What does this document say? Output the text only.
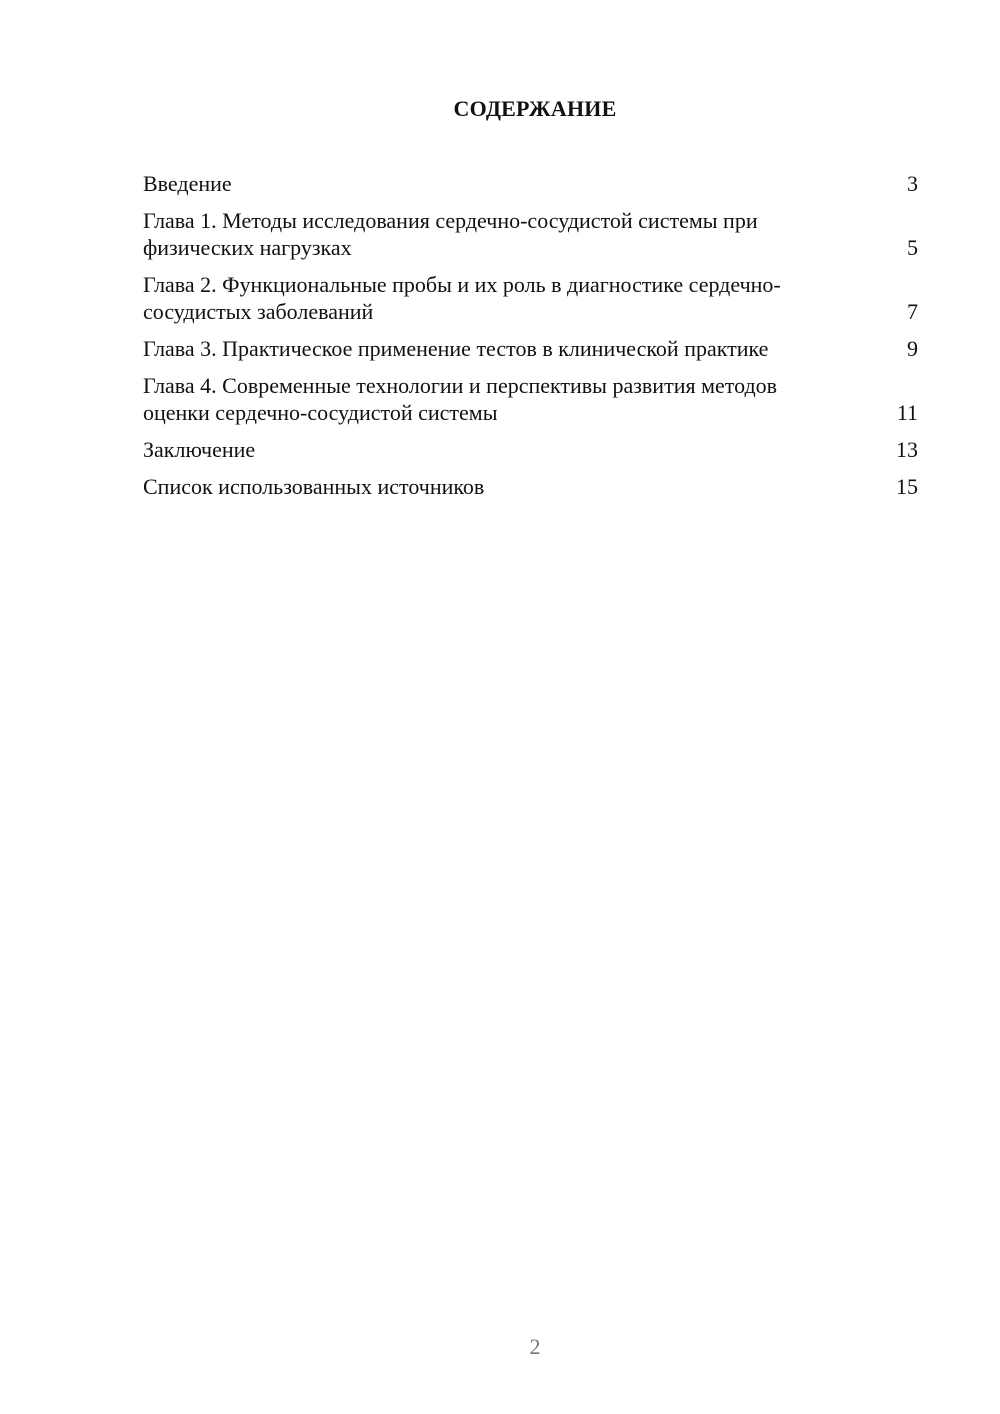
СОДЕРЖАНИЕ
Введение	3
Глава 1. Методы исследования сердечно-сосудистой системы при физических нагрузках	5
Глава 2. Функциональные пробы и их роль в диагностике сердечно-сосудистых заболеваний	7
Глава 3. Практическое применение тестов в клинической практике	9
Глава 4. Современные технологии и перспективы развития методов оценки сердечно-сосудистой системы	11
Заключение	13
Список использованных источников	15
2
